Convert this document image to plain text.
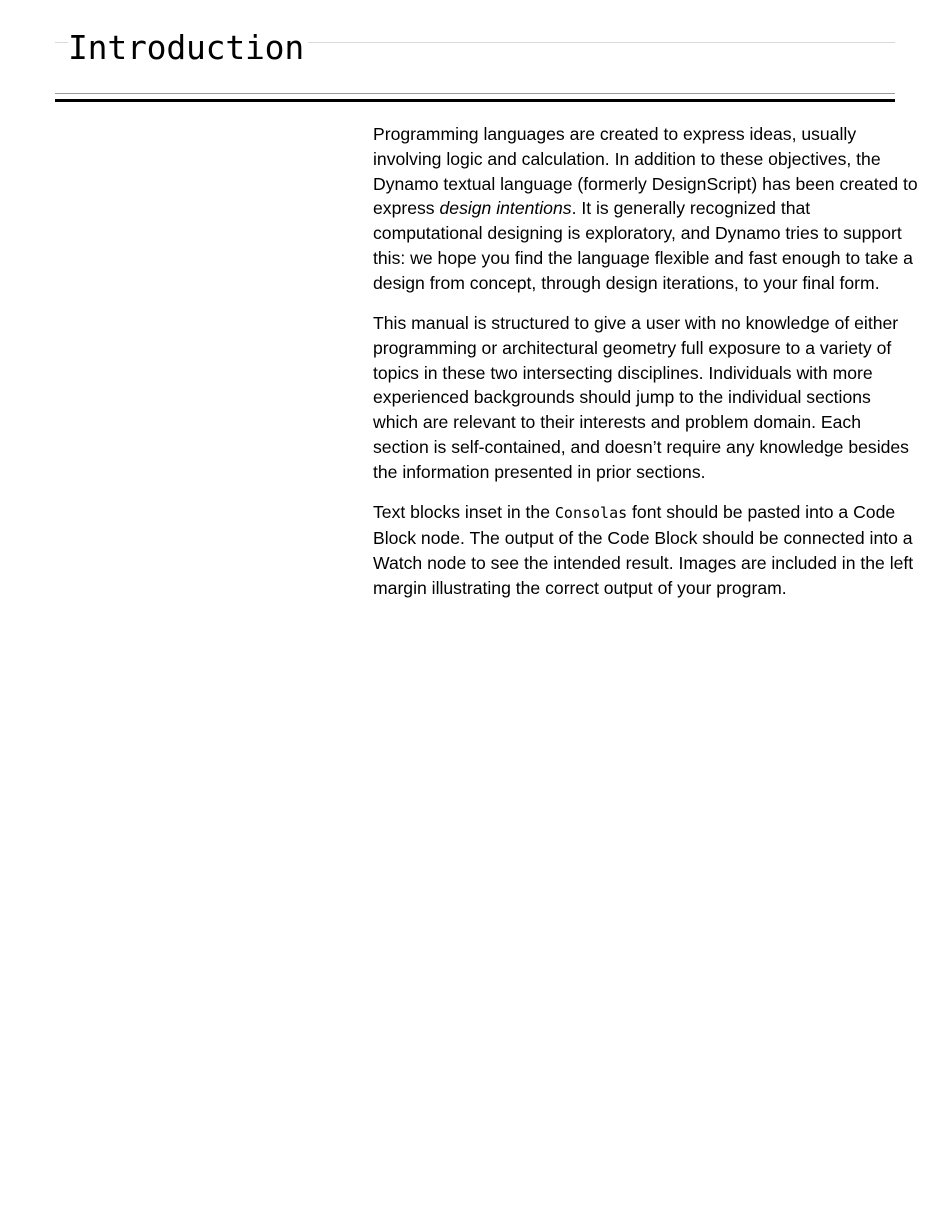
Introduction

Programming languages are created to express ideas, usually involving logic and calculation. In addition to these objectives, the Dynamo textual language (formerly DesignScript) has been created to express design intentions. It is generally recognized that computational designing is exploratory, and Dynamo tries to support this: we hope you find the language flexible and fast enough to take a design from concept, through design iterations, to your final form.

This manual is structured to give a user with no knowledge of either programming or architectural geometry full exposure to a variety of topics in these two intersecting disciplines. Individuals with more experienced backgrounds should jump to the individual sections which are relevant to their interests and problem domain. Each section is self-contained, and doesn’t require any knowledge besides the information presented in prior sections.

Text blocks inset in the Consolas font should be pasted into a Code Block node. The output of the Code Block should be connected into a Watch node to see the intended result. Images are included in the left margin illustrating the correct output of your program.
